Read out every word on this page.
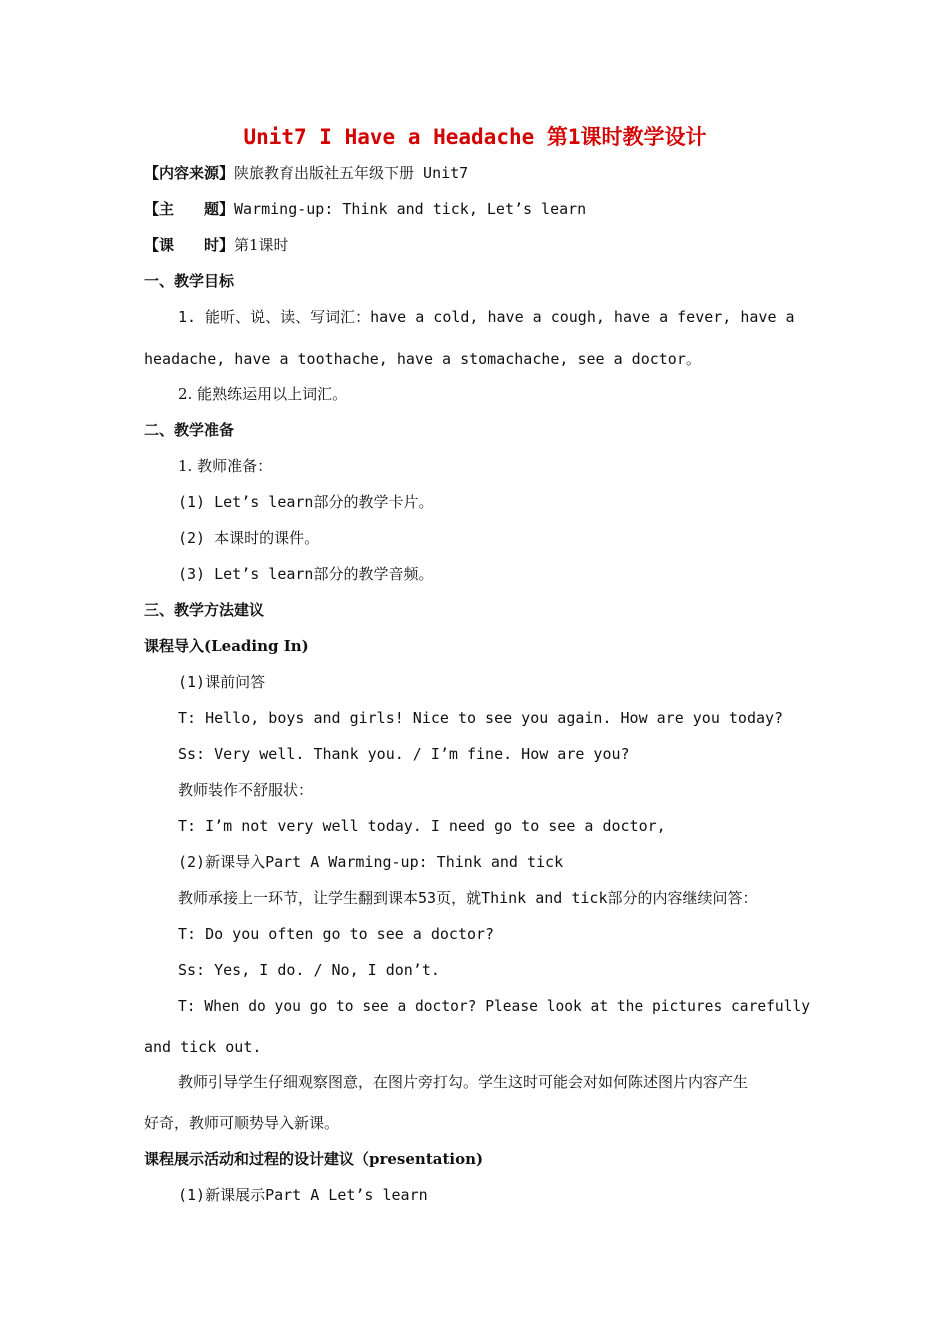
Unit7 I Have a Headache 第1课时教学设计
【内容来源】陕旅教育出版社五年级下册 Unit7
【主　　题】Warming-up: Think and tick, Let’s learn
【课　　时】第1课时
一、教学目标
1. 能听、说、读、写词汇：have a cold, have a cough, have a fever, have a
headache, have a toothache, have a stomachache, see a doctor。
2. 能熟练运用以上词汇。
二、教学准备
1. 教师准备：
(1) Let’s learn部分的教学卡片。
(2) 本课时的课件。
(3) Let’s learn部分的教学音频。
三、教学方法建议
课程导入(Leading In)
(1)课前问答
T: Hello, boys and girls! Nice to see you again. How are you today?
Ss: Very well. Thank you. / I’m fine. How are you?
教师装作不舒服状：
T: I’m not very well today. I need go to see a doctor,
(2)新课导入Part A Warming-up: Think and tick
教师承接上一环节，让学生翻到课本53页，就Think and tick部分的内容继续问答：
T: Do you often go to see a doctor?
Ss: Yes, I do. / No, I don’t.
T: When do you go to see a doctor? Please look at the pictures carefully
and tick out.
教师引导学生仔细观察图意，在图片旁打勾。学生这时可能会对如何陈述图片内容产生
好奇，教师可顺势导入新课。
课程展示活动和过程的设计建议（presentation)
(1)新课展示Part A Let’s learn
